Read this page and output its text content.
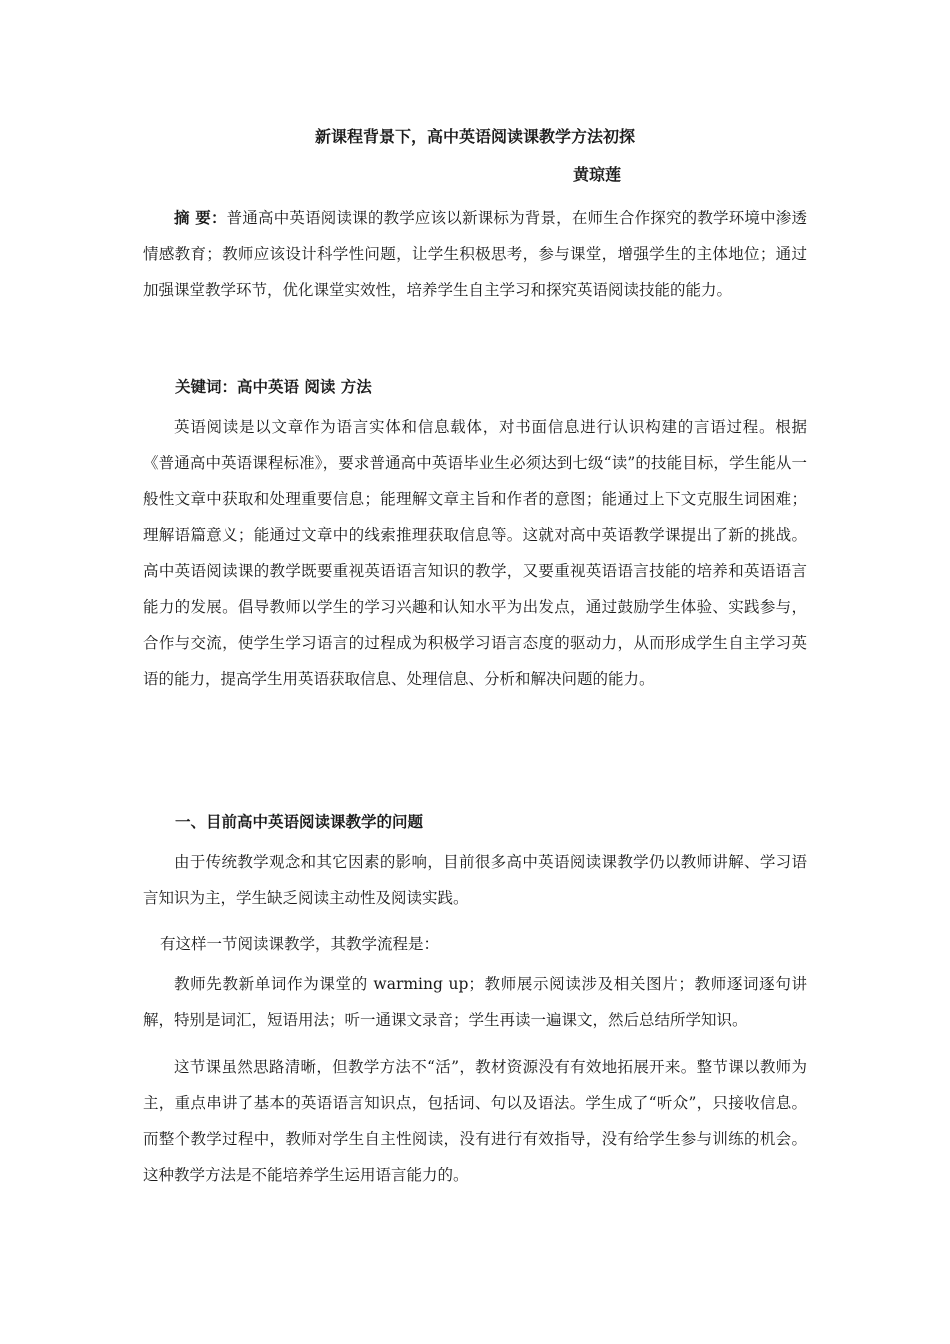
新课程背景下，高中英语阅读课教学方法初探
黄琼莲

摘 要：普通高中英语阅读课的教学应该以新课标为背景，在师生合作探究的教学环境中渗透情感教育；教师应该设计科学性问题，让学生积极思考，参与课堂，增强学生的主体地位；通过加强课堂教学环节，优化课堂实效性，培养学生自主学习和探究英语阅读技能的能力。

关键词：高中英语 阅读 方法

英语阅读是以文章作为语言实体和信息载体，对书面信息进行认识构建的言语过程。根据《普通高中英语课程标准》，要求普通高中英语毕业生必须达到七级“读”的技能目标，学生能从一般性文章中获取和处理重要信息；能理解文章主旨和作者的意图；能通过上下文克服生词困难；理解语篇意义；能通过文章中的线索推理获取信息等。这就对高中英语教学课提出了新的挑战。高中英语阅读课的教学既要重视英语语言知识的教学，又要重视英语语言技能的培养和英语语言能力的发展。倡导教师以学生的学习兴趣和认知水平为出发点，通过鼓励学生体验、实践参与，合作与交流，使学生学习语言的过程成为积极学习语言态度的驱动力，从而形成学生自主学习英语的能力，提高学生用英语获取信息、处理信息、分析和解决问题的能力。

一、目前高中英语阅读课教学的问题

由于传统教学观念和其它因素的影响，目前很多高中英语阅读课教学仍以教师讲解、学习语言知识为主，学生缺乏阅读主动性及阅读实践。

有这样一节阅读课教学，其教学流程是：

教师先教新单词作为课堂的 warming up；教师展示阅读涉及相关图片；教师逐词逐句讲解，特别是词汇，短语用法；听一通课文录音；学生再读一遍课文，然后总结所学知识。

这节课虽然思路清晰，但教学方法不“活”，教材资源没有有效地拓展开来。整节课以教师为主，重点串讲了基本的英语语言知识点，包括词、句以及语法。学生成了“听众”，只接收信息。而整个教学过程中，教师对学生自主性阅读，没有进行有效指导，没有给学生参与训练的机会。这种教学方法是不能培养学生运用语言能力的。
